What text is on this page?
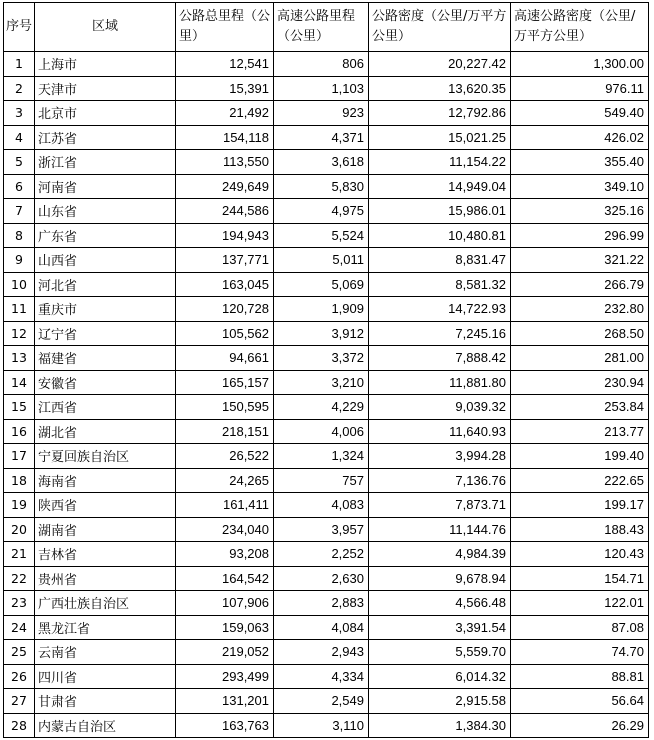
序号	区域	公路总里程（公里）	高速公路里程（公里）	公路密度（公里/万平方公里）	高速公路密度（公里/万平方公里）
1	上海市	12,541	806	20,227.42	1,300.00
2	天津市	15,391	1,103	13,620.35	976.11
3	北京市	21,492	923	12,792.86	549.40
4	江苏省	154,118	4,371	15,021.25	426.02
5	浙江省	113,550	3,618	11,154.22	355.40
6	河南省	249,649	5,830	14,949.04	349.10
7	山东省	244,586	4,975	15,986.01	325.16
8	广东省	194,943	5,524	10,480.81	296.99
9	山西省	137,771	5,011	8,831.47	321.22
10	河北省	163,045	5,069	8,581.32	266.79
11	重庆市	120,728	1,909	14,722.93	232.80
12	辽宁省	105,562	3,912	7,245.16	268.50
13	福建省	94,661	3,372	7,888.42	281.00
14	安徽省	165,157	3,210	11,881.80	230.94
15	江西省	150,595	4,229	9,039.32	253.84
16	湖北省	218,151	4,006	11,640.93	213.77
17	宁夏回族自治区	26,522	1,324	3,994.28	199.40
18	海南省	24,265	757	7,136.76	222.65
19	陕西省	161,411	4,083	7,873.71	199.17
20	湖南省	234,040	3,957	11,144.76	188.43
21	吉林省	93,208	2,252	4,984.39	120.43
22	贵州省	164,542	2,630	9,678.94	154.71
23	广西壮族自治区	107,906	2,883	4,566.48	122.01
24	黑龙江省	159,063	4,084	3,391.54	87.08
25	云南省	219,052	2,943	5,559.70	74.70
26	四川省	293,499	4,334	6,014.32	88.81
27	甘肃省	131,201	2,549	2,915.58	56.64
28	内蒙古自治区	163,763	3,110	1,384.30	26.29
